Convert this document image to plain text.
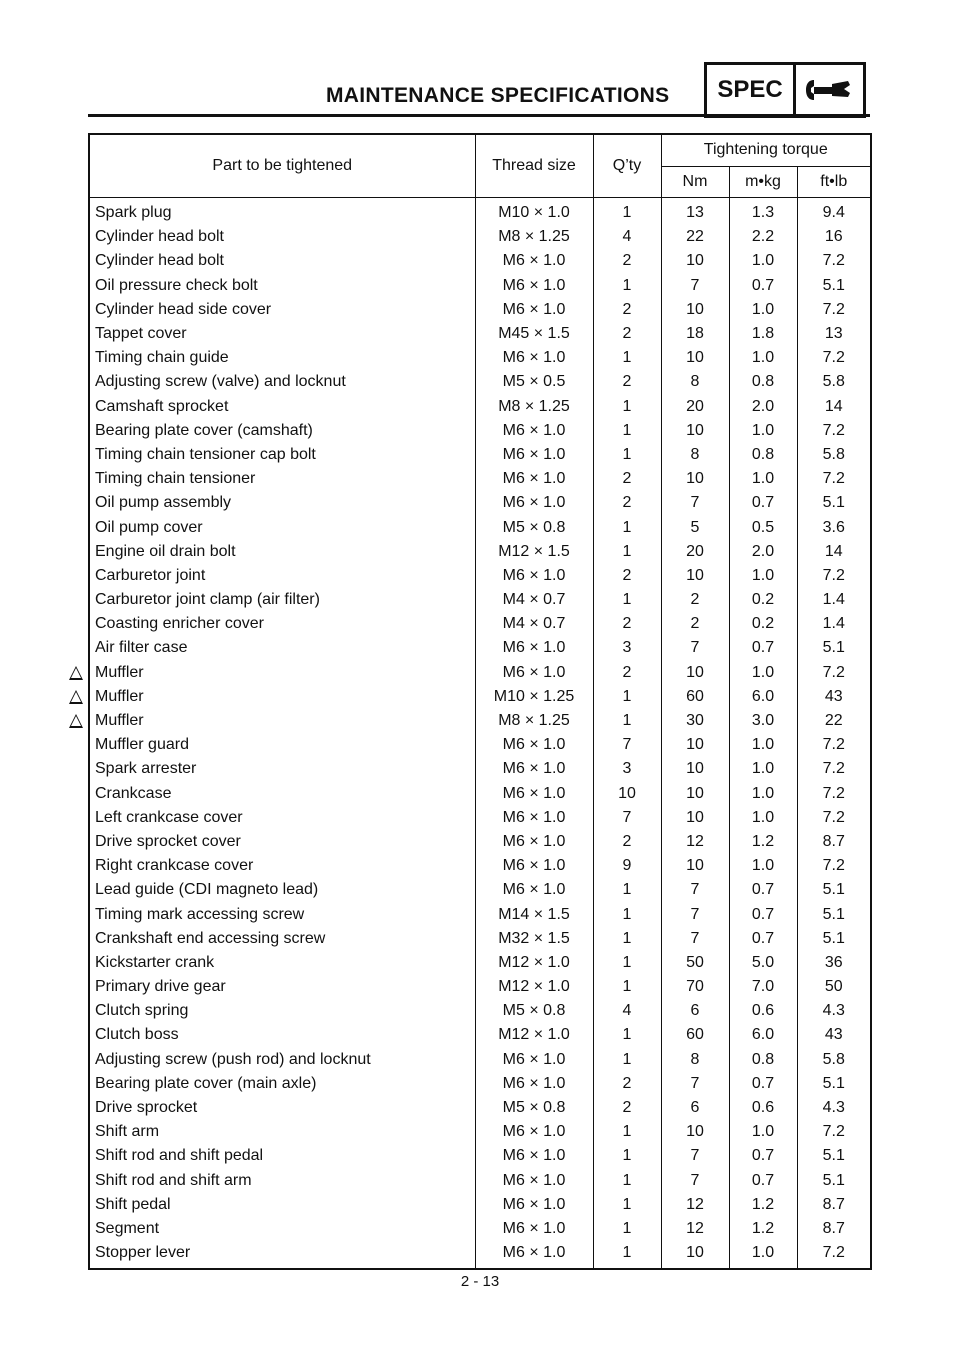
MAINTENANCE SPECIFICATIONS	SPEC
Part to be tightened	Thread size	Q’ty	Tightening torque		
			Nm	m•kg	ft•lb
Spark plug	M10 × 1.0	1	13	1.3	9.4
Cylinder head bolt	M8 × 1.25	4	22	2.2	16
Cylinder head bolt	M6 × 1.0	2	10	1.0	7.2
Oil pressure check bolt	M6 × 1.0	1	7	0.7	5.1
Cylinder head side cover	M6 × 1.0	2	10	1.0	7.2
Tappet cover	M45 × 1.5	2	18	1.8	13
Timing chain guide	M6 × 1.0	1	10	1.0	7.2
Adjusting screw (valve) and locknut	M5 × 0.5	2	8	0.8	5.8
Camshaft sprocket	M8 × 1.25	1	20	2.0	14
Bearing plate cover (camshaft)	M6 × 1.0	1	10	1.0	7.2
Timing chain tensioner cap bolt	M6 × 1.0	1	8	0.8	5.8
Timing chain tensioner	M6 × 1.0	2	10	1.0	7.2
Oil pump assembly	M6 × 1.0	2	7	0.7	5.1
Oil pump cover	M5 × 0.8	1	5	0.5	3.6
Engine oil drain bolt	M12 × 1.5	1	20	2.0	14
Carburetor joint	M6 × 1.0	2	10	1.0	7.2
Carburetor joint clamp (air filter)	M4 × 0.7	1	2	0.2	1.4
Coasting enricher cover	M4 × 0.7	2	2	0.2	1.4
Air filter case	M6 × 1.0	3	7	0.7	5.1
Muffler	M6 × 1.0	2	10	1.0	7.2
Muffler	M10 × 1.25	1	60	6.0	43
Muffler	M8 × 1.25	1	30	3.0	22
Muffler guard	M6 × 1.0	7	10	1.0	7.2
Spark arrester	M6 × 1.0	3	10	1.0	7.2
Crankcase	M6 × 1.0	10	10	1.0	7.2
Left crankcase cover	M6 × 1.0	7	10	1.0	7.2
Drive sprocket cover	M6 × 1.0	2	12	1.2	8.7
Right crankcase cover	M6 × 1.0	9	10	1.0	7.2
Lead guide (CDI magneto lead)	M6 × 1.0	1	7	0.7	5.1
Timing mark accessing screw	M14 × 1.5	1	7	0.7	5.1
Crankshaft end accessing screw	M32 × 1.5	1	7	0.7	5.1
Kickstarter crank	M12 × 1.0	1	50	5.0	36
Primary drive gear	M12 × 1.0	1	70	7.0	50
Clutch spring	M5 × 0.8	4	6	0.6	4.3
Clutch boss	M12 × 1.0	1	60	6.0	43
Adjusting screw (push rod) and locknut	M6 × 1.0	1	8	0.8	5.8
Bearing plate cover (main axle)	M6 × 1.0	2	7	0.7	5.1
Drive sprocket	M5 × 0.8	2	6	0.6	4.3
Shift arm	M6 × 1.0	1	10	1.0	7.2
Shift rod and shift pedal	M6 × 1.0	1	7	0.7	5.1
Shift rod and shift arm	M6 × 1.0	1	7	0.7	5.1
Shift pedal	M6 × 1.0	1	12	1.2	8.7
Segment	M6 × 1.0	1	12	1.2	8.7
Stopper lever	M6 × 1.0	1	10	1.0	7.2
2 - 13
